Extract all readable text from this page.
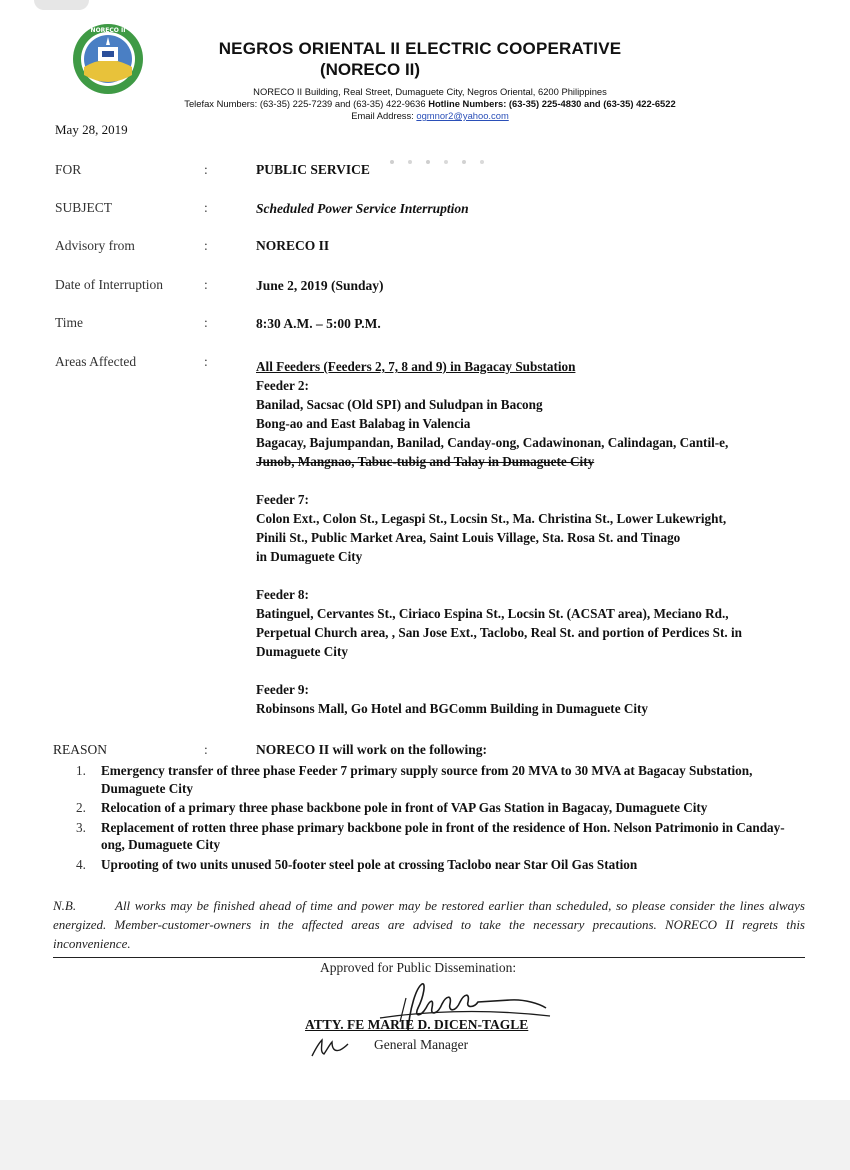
NORECO II
NEGROS ORIENTAL II ELECTRIC COOPERATIVE
(NORECO II)
NORECO II Building, Real Street, Dumaguete City, Negros Oriental, 6200 Philippines
Telefax Numbers: (63-35) 225-7239 and (63-35) 422-9636 Hotline Numbers: (63-35) 225-4830 and (63-35) 422-6522
Email Address: ogmnor2@yahoo.com
May 28, 2019
FOR	:	PUBLIC SERVICE
SUBJECT	:	Scheduled Power Service Interruption
Advisory from	:	NORECO II
Date of Interruption	:	June 2, 2019 (Sunday)
Time	:	8:30 A.M. – 5:00 P.M.
Areas Affected	:	All Feeders (Feeders 2, 7, 8 and 9) in Bagacay Substation
Feeder 2:
Banilad, Sacsac (Old SPI) and Suludpan in Bacong
Bong-ao and East Balabag in Valencia
Bagacay, Bajumpandan, Banilad, Canday-ong, Cadawinonan, Calindagan, Cantil-e,
Junob, Mangnao, Tabuc-tubig and Talay in Dumaguete City
Feeder 7:
Colon Ext., Colon St., Legaspi St., Locsin St., Ma. Christina St., Lower Lukewright,
Pinili St., Public Market Area, Saint Louis Village, Sta. Rosa St. and Tinago
in Dumaguete City
Feeder 8:
Batinguel, Cervantes St., Ciriaco Espina St., Locsin St. (ACSAT area), Meciano Rd.,
Perpetual Church area, , San Jose Ext., Taclobo, Real St. and portion of Perdices St. in
Dumaguete City
Feeder 9:
Robinsons Mall, Go Hotel and BGComm Building in Dumaguete City
REASON	:	NORECO II will work on the following:
1. Emergency transfer of three phase Feeder 7 primary supply source from 20 MVA to 30 MVA at Bagacay Substation, Dumaguete City
2. Relocation of a primary three phase backbone pole in front of VAP Gas Station in Bagacay, Dumaguete City
3. Replacement of rotten three phase primary backbone pole in front of the residence of Hon. Nelson Patrimonio in Canday-ong, Dumaguete City
4. Uprooting of two units unused 50-footer steel pole at crossing Taclobo near Star Oil Gas Station
N.B.	All works may be finished ahead of time and power may be restored earlier than scheduled, so please consider the lines always energized. Member-customer-owners in the affected areas are advised to take the necessary precautions. NORECO II regrets this inconvenience.
Approved for Public Dissemination:
ATTY. FE MARIE D. DICEN-TAGLE
General Manager
